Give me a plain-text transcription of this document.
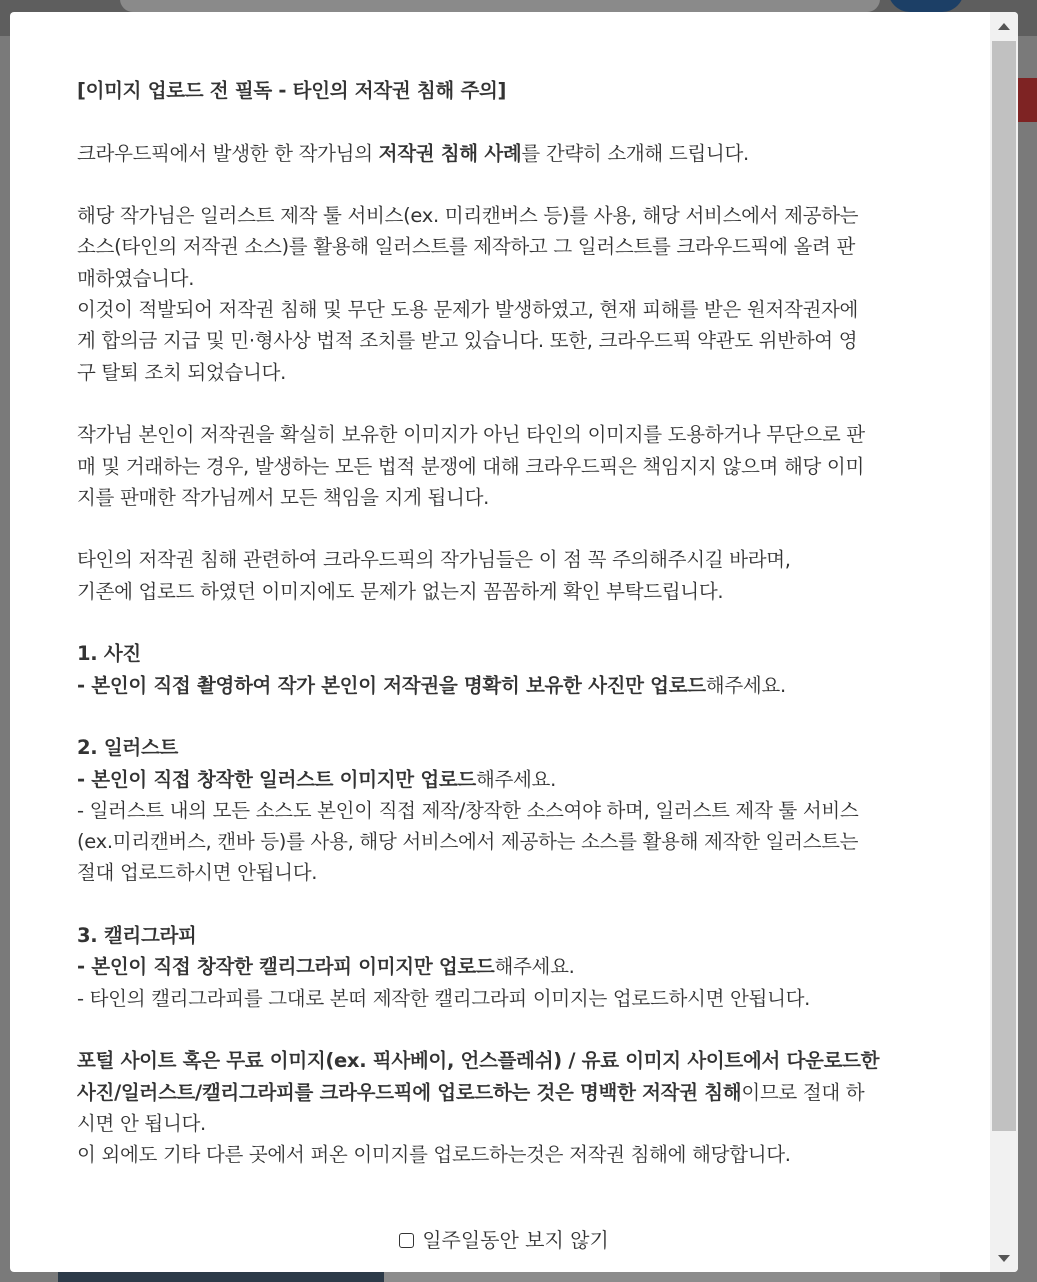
[이미지 업로드 전 필독 - 타인의 저작권 침해 주의]

크라우드픽에서 발생한 한 작가님의 저작권 침해 사례를 간략히 소개해 드립니다.

해당 작가님은 일러스트 제작 툴 서비스(ex. 미리캔버스 등)를 사용, 해당 서비스에서 제공하는

소스(타인의 저작권 소스)를 활용해 일러스트를 제작하고 그 일러스트를 크라우드픽에 올려 판

매하였습니다.

이것이 적발되어 저작권 침해 및 무단 도용 문제가 발생하였고, 현재 피해를 받은 원저작권자에

게 합의금 지급 및 민·형사상 법적 조치를 받고 있습니다. 또한, 크라우드픽 약관도 위반하여 영

구 탈퇴 조치 되었습니다.

작가님 본인이 저작권을 확실히 보유한 이미지가 아닌 타인의 이미지를 도용하거나 무단으로 판

매 및 거래하는 경우, 발생하는 모든 법적 분쟁에 대해 크라우드픽은 책임지지 않으며 해당 이미

지를 판매한 작가님께서 모든 책임을 지게 됩니다.

타인의 저작권 침해 관련하여 크라우드픽의 작가님들은 이 점 꼭 주의해주시길 바라며,

기존에 업로드 하였던 이미지에도 문제가 없는지 꼼꼼하게 확인 부탁드립니다.

1. 사진

- 본인이 직접 촬영하여 작가 본인이 저작권을 명확히 보유한 사진만 업로드해주세요.

2. 일러스트

- 본인이 직접 창작한 일러스트 이미지만 업로드해주세요.

- 일러스트 내의 모든 소스도 본인이 직접 제작/창작한 소스여야 하며, 일러스트 제작 툴 서비스

(ex.미리캔버스, 캔바 등)를 사용, 해당 서비스에서 제공하는 소스를 활용해 제작한 일러스트는

절대 업로드하시면 안됩니다.

3. 캘리그라피

- 본인이 직접 창작한 캘리그라피 이미지만 업로드해주세요.

- 타인의 캘리그라피를 그대로 본떠 제작한 캘리그라피 이미지는 업로드하시면 안됩니다.

포털 사이트 혹은 무료 이미지(ex. 픽사베이, 언스플레쉬) / 유료 이미지 사이트에서 다운로드한

사진/일러스트/캘리그라피를 크라우드픽에 업로드하는 것은 명백한 저작권 침해이므로 절대 하

시면 안 됩니다.

이 외에도 기타 다른 곳에서 퍼온 이미지를 업로드하는것은 저작권 침해에 해당합니다.

일주일동안 보지 않기
